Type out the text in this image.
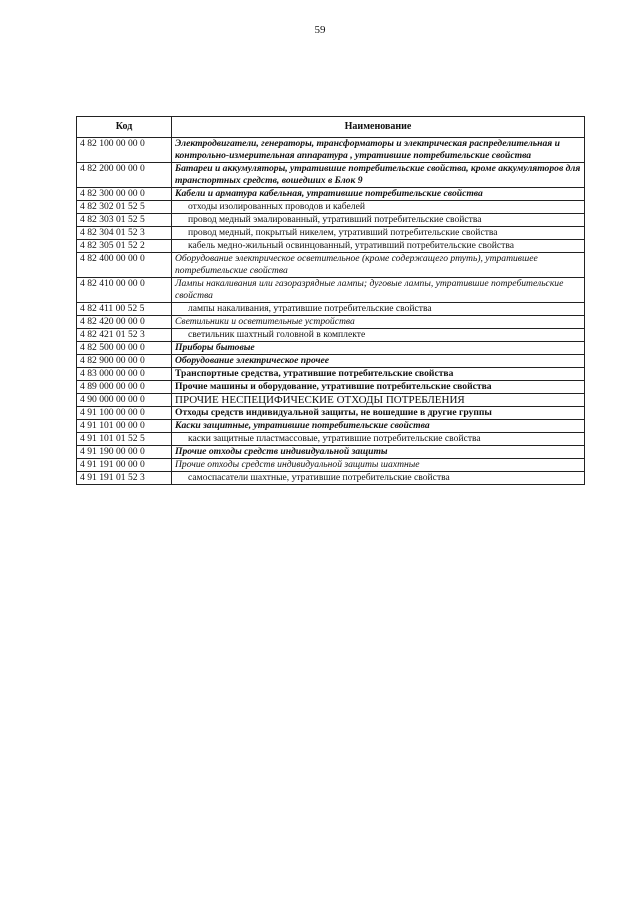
59
Код	Наименование
4 82 100 00 00 0	Электродвигатели, генераторы, трансформаторы и электрическая распределительная и контрольно-измерительная аппаратура , утратившие потребительские свойства
4 82 200 00 00 0	Батареи и аккумуляторы, утратившие потребительские свойства, кроме аккумуляторов для транспортных средств, вошедших в Блок 9
4 82 300 00 00 0	Кабели и арматура кабельная, утратившие потребительские свойства
4 82 302 01 52 5	отходы изолированных проводов и кабелей
4 82 303 01 52 5	провод медный эмалированный, утративший потребительские свойства
4 82 304 01 52 3	провод медный, покрытый никелем, утративший потребительские свойства
4 82 305 01 52 2	кабель медно-жильный освинцованный, утративший потребительские свойства
4 82 400 00 00 0	Оборудование электрическое осветительное (кроме содержащего ртуть), утратившее потребительские свойства
4 82 410 00 00 0	Лампы накаливания или газоразрядные лампы; дуговые лампы, утратившие потребительские свойства
4 82 411 00 52 5	лампы накаливания, утратившие потребительские свойства
4 82 420 00 00 0	Светильники и осветительные устройства
4 82 421 01 52 3	светильник шахтный головной в комплекте
4 82 500 00 00 0	Приборы бытовые
4 82 900 00 00 0	Оборудование электрическое прочее
4 83 000 00 00 0	Транспортные средства, утратившие потребительские свойства
4 89 000 00 00 0	Прочие машины и оборудование, утратившие потребительские свойства
4 90 000 00 00 0	ПРОЧИЕ НЕСПЕЦИФИЧЕСКИЕ ОТХОДЫ ПОТРЕБЛЕНИЯ
4 91 100 00 00 0	Отходы средств индивидуальной защиты, не вошедшие в другие группы
4 91 101 00 00 0	Каски защитные, утратившие потребительские свойства
4 91 101 01 52 5	каски защитные пластмассовые, утратившие потребительские свойства
4 91 190 00 00 0	Прочие отходы средств индивидуальной защиты
4 91 191 00 00 0	Прочие отходы средств индивидуальной защиты шахтные
4 91 191 01 52 3	самоспасатели шахтные, утратившие потребительские свойства
